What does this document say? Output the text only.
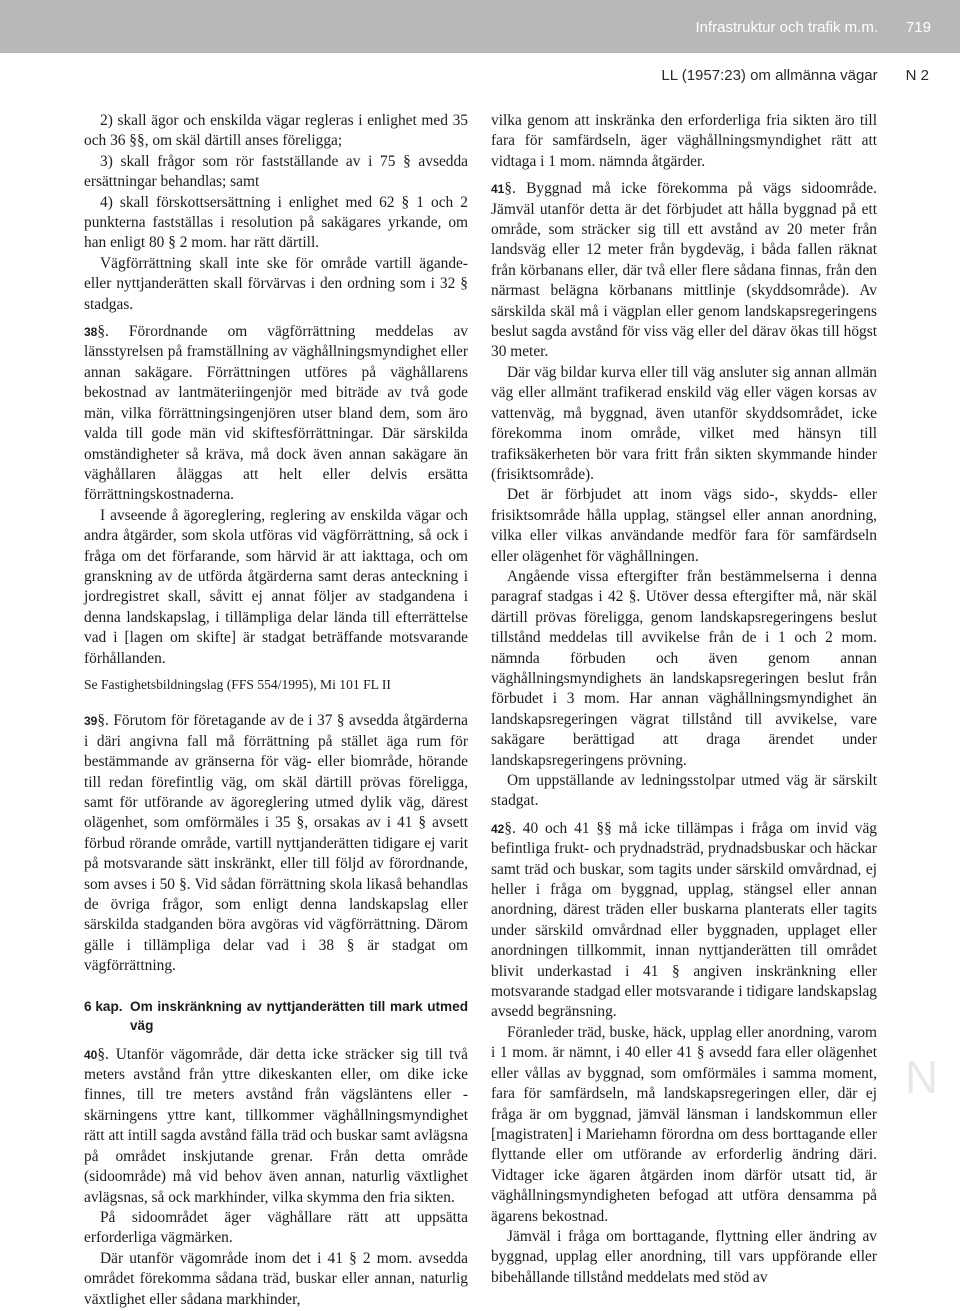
Infrastruktur och trafik m.m. 719
LL (1957:23) om allmänna vägar N 2

2) skall ägor och enskilda vägar regleras i enlighet med 35 och 36 §§, om skäl därtill anses föreligga;

3) skall frågor som rör fastställande av i 75 § avsedda ersättningar behandlas; samt

4) skall förskottsersättning i enlighet med 62 § 1 och 2 punkterna fastställas i resolution på sakägares yrkande, om han enligt 80 § 2 mom. har rätt därtill.

Vägförrättning skall inte ske för område vartill ägande- eller nyttjanderätten skall förvärvas i den ordning som i 32 § stadgas.

38§. Förordnande om vägförrättning meddelas av länsstyrelsen på framställning av väghållningsmyndighet eller annan sakägare. Förrättningen utföres på väghållarens bekostnad av lantmäteriingenjör med biträde av två gode män, vilka förrättningsingenjören utser bland dem, som äro valda till gode män vid skiftesförrättningar. Där särskilda omständigheter så kräva, må dock även annan sakägare än väghållaren åläggas att helt eller delvis ersätta förrättningskostnaderna.

I avseende å ägoreglering, reglering av enskilda vägar och andra åtgärder, som skola utföras vid vägförrättning, så ock i fråga om det förfarande, som härvid är att iakttaga, och om granskning av de utförda åtgärderna samt deras anteckning i jordregistret skall, såvitt ej annat följer av stadgandena i denna landskapslag, i tillämpliga delar lända till efterrättelse vad i [lagen om skifte] är stadgat beträffande motsvarande förhållanden.

Se Fastighetsbildningslag (FFS 554/1995), Mi 101 FL II

39§. Förutom för företagande av de i 37 § avsedda åtgärderna i däri angivna fall må förrättning på stället äga rum för bestämmande av gränserna för väg- eller biområde, hörande till redan förefintlig väg, om skäl därtill prövas föreligga, samt för utförande av ägoreglering utmed dylik väg, därest olägenhet, som omförmäles i 35 §, orsakas av i 41 § avsett förbud rörande område, vartill nyttjanderätten tidigare ej varit på motsvarande sätt inskränkt, eller till följd av förordnande, som avses i 50 §. Vid sådan förrättning skola likaså behandlas de övriga frågor, som enligt denna landskapslag eller särskilda stadganden böra avgöras vid vägförrättning. Därom gälle i tillämpliga delar vad i 38 § är stadgat om vägförrättning.

6 kap. Om inskränkning av nyttjanderätten till mark utmed väg

40§. Utanför vägområde, där detta icke sträcker sig till två meters avstånd från yttre dikeskanten eller, om dike icke finnes, till tre meters avstånd från vägsläntens eller -skärningens yttre kant, tillkommer väghållningsmyndighet rätt att intill sagda avstånd fälla träd och buskar samt avlägsna på området inskjutande grenar. Från detta område (sidoområde) må vid behov även annan, naturlig växtlighet avlägsnas, så ock markhinder, vilka skymma den fria sikten.

På sidoområdet äger väghållare rätt att uppsätta erforderliga vägmärken.

Där utanför vägområde inom det i 41 § 2 mom. avsedda området förekomma sådana träd, buskar eller annan, naturlig växtlighet eller sådana markhinder,

vilka genom att inskränka den erforderliga fria sikten äro till fara för samfärdseln, äger väghållningsmyndighet rätt att vidtaga i 1 mom. nämnda åtgärder.

41§. Byggnad må icke förekomma på vägs sidoområde. Jämväl utanför detta är det förbjudet att hålla byggnad på ett område, som sträcker sig till ett avstånd av 20 meter från landsväg eller 12 meter från bygdeväg, i båda fallen räknat från körbanans eller, där två eller flere sådana finnas, från den närmast belägna körbanans mittlinje (skyddsområde). Av särskilda skäl må i vägplan eller genom landskapsregeringens beslut sagda avstånd för viss väg eller del därav ökas till högst 30 meter.

Där väg bildar kurva eller till väg ansluter sig annan allmän väg eller allmänt trafikerad enskild väg eller vägen korsas av vattenväg, må byggnad, även utanför skyddsområdet, icke förekomma inom område, vilket med hänsyn till trafiksäkerheten bör vara fritt från sikten skymmande hinder (frisiktsområde).

Det är förbjudet att inom vägs sido-, skydds- eller frisiktsområde hålla upplag, stängsel eller annan anordning, vilka eller vilkas användande medför fara för samfärdseln eller olägenhet för väghållningen.

Angående vissa eftergifter från bestämmelserna i denna paragraf stadgas i 42 §. Utöver dessa eftergifter må, när skäl därtill prövas föreligga, genom landskapsregeringens beslut tillstånd meddelas till avvikelse från de i 1 och 2 mom. nämnda förbuden och även genom annan väghållningsmyndighets än landskapsregeringen beslut från förbudet i 3 mom. Har annan väghållningsmyndighet än landskapsregeringen vägrat tillstånd till avvikelse, vare sakägare berättigad att draga ärendet under landskapsregeringens prövning.

Om uppställande av ledningsstolpar utmed väg är särskilt stadgat.

42§. 40 och 41 §§ må icke tillämpas i fråga om invid väg befintliga frukt- och prydnadsträd, prydnadsbuskar och häckar samt träd och buskar, som tagits under särskild omvårdnad, ej heller i fråga om byggnad, upplag, stängsel eller annan anordning, därest träden eller buskarna planterats eller tagits under särskild omvårdnad eller byggnaden, upplaget eller anordningen tillkommit, innan nyttjanderätten till området blivit underkastad i 41 § angiven inskränkning eller motsvarande stadgad eller motsvarande i tidigare landskapslag avsedd begränsning.

Föranleder träd, buske, häck, upplag eller anordning, varom i 1 mom. är nämnt, i 40 eller 41 § avsedd fara eller olägenhet eller vållas av byggnad, som omförmäles i samma moment, fara för samfärdseln, må landskapsregeringen eller, där ej fråga är om byggnad, jämväl länsman i landskommun eller [magistraten] i Mariehamn förordna om dess borttagande eller flyttande eller om utförande av erforderlig ändring däri. Vidtager icke ägaren åtgärden inom därför utsatt tid, är väghållningsmyndigheten befogad att utföra densamma på ägarens bekostnad.

Jämväl i fråga om borttagande, flyttning eller ändring av byggnad, upplag eller anordning, till vars uppförande eller bibehållande tillstånd meddelats med stöd av

N
